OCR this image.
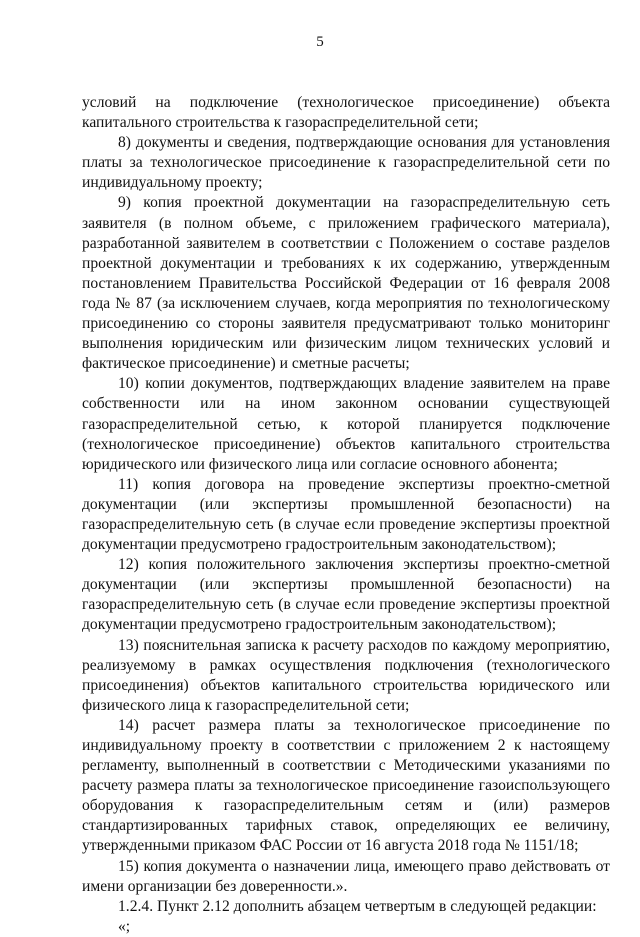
5

условий на подключение (технологическое присоединение) объекта капитального строительства к газораспределительной сети;

8) документы и сведения, подтверждающие основания для установления платы за технологическое присоединение к газораспределительной сети по индивидуальному проекту;

9) копия проектной документации на газораспределительную сеть заявителя (в полном объеме, с приложением графического материала), разработанной заявителем в соответствии с Положением о составе разделов проектной документации и требованиях к их содержанию, утвержденным постановлением Правительства Российской Федерации от 16 февраля 2008 года № 87 (за исключением случаев, когда мероприятия по технологическому присоединению со стороны заявителя предусматривают только мониторинг выполнения юридическим или физическим лицом технических условий и фактическое присоединение) и сметные расчеты;

10) копии документов, подтверждающих владение заявителем на праве собственности или на ином законном основании существующей газораспределительной сетью, к которой планируется подключение (технологическое присоединение) объектов капитального строительства юридического или физического лица или согласие основного абонента;

11) копия договора на проведение экспертизы проектно-сметной документации (или экспертизы промышленной безопасности) на газораспределительную сеть (в случае если проведение экспертизы проектной документации предусмотрено градостроительным законодательством);

12) копия положительного заключения экспертизы проектно-сметной документации (или экспертизы промышленной безопасности) на газораспределительную сеть (в случае если проведение экспертизы проектной документации предусмотрено градостроительным законодательством);

13) пояснительная записка к расчету расходов по каждому мероприятию, реализуемому в рамках осуществления подключения (технологического присоединения) объектов капитального строительства юридического или физического лица к газораспределительной сети;

14) расчет размера платы за технологическое присоединение по индивидуальному проекту в соответствии с приложением 2 к настоящему регламенту, выполненный в соответствии с Методическими указаниями по расчету размера платы за технологическое присоединение газоиспользующего оборудования к газораспределительным сетям и (или) размеров стандартизированных тарифных ставок, определяющих ее величину, утвержденными приказом ФАС России от 16 августа 2018 года № 1151/18;

15) копия документа о назначении лица, имеющего право действовать от имени организации без доверенности.».

1.2.4. Пункт 2.12 дополнить абзацем четвертым в следующей редакции:

«;
